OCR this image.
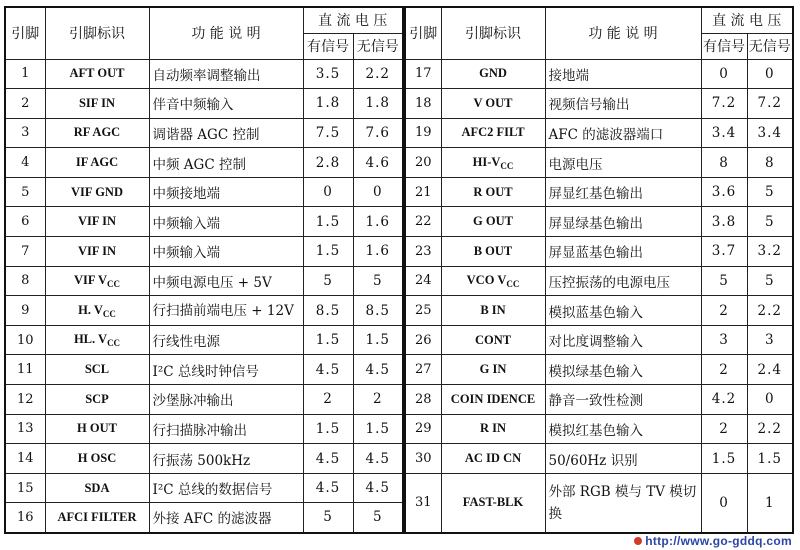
引脚	引脚标识	功 能 说 明	直 流 电 压	
			有信号	无信号
1	AFT OUT	自动频率调整输出	3.5	2.2
2	SIF IN	伴音中频输入	1.8	1.8
3	RF AGC	调谐器 AGC 控制	7.5	7.6
4	IF AGC	中频 AGC 控制	2.8	4.6
5	VIF GND	中频接地端	0	0
6	VIF IN	中频输入端	1.5	1.6
7	VIF IN	中频输入端	1.5	1.6
8	VIF $V_{CC}$	中频电源电压 + 5V	5	5
9	H. $V_{CC}$	行扫描前端电压 + 12V	8.5	8.5
10	HL. $V_{CC}$	行线性电源	1.5	1.5
11	SCL	I²C 总线时钟信号	4.5	4.5
12	SCP	沙堡脉冲输出	2	2
13	H OUT	行扫描脉冲输出	1.5	1.5
14	H OSC	行振荡 500kHz	4.5	4.5
15	SDA	I²C 总线的数据信号	4.5	4.5
16	AFCI FILTER	外接 AFC 的滤波器	5	5
引脚	引脚标识	功 能 说 明	直 流 电 压	
			有信号	无信号
17	GND	接地端	0	0
18	V OUT	视频信号输出	7.2	7.2
19	AFC2 FILT	AFC 的滤波器端口	3.4	3.4
20	$HI-V_{CC}$	电源电压	8	8
21	R OUT	屏显红基色输出	3.6	5
22	G OUT	屏显绿基色输出	3.8	5
23	B OUT	屏显蓝基色输出	3.7	3.2
24	VCO $V_{CC}$	压控振荡的电源电压	5	5
25	B IN	模拟蓝基色输入	2	2.2
26	CONT	对比度调整输入	3	3
27	G IN	模拟绿基色输入	2	2.4
28	COIN IDENCE	静音一致性检测	4.2	0
29	R IN	模拟红基色输入	2	2.2
30	AC ID CN	50/60Hz 识别	1.5	1.5
31	FAST-BLK	外部 RGB 模与 TV 模切换	0	1
http://www.go-gddq.com
